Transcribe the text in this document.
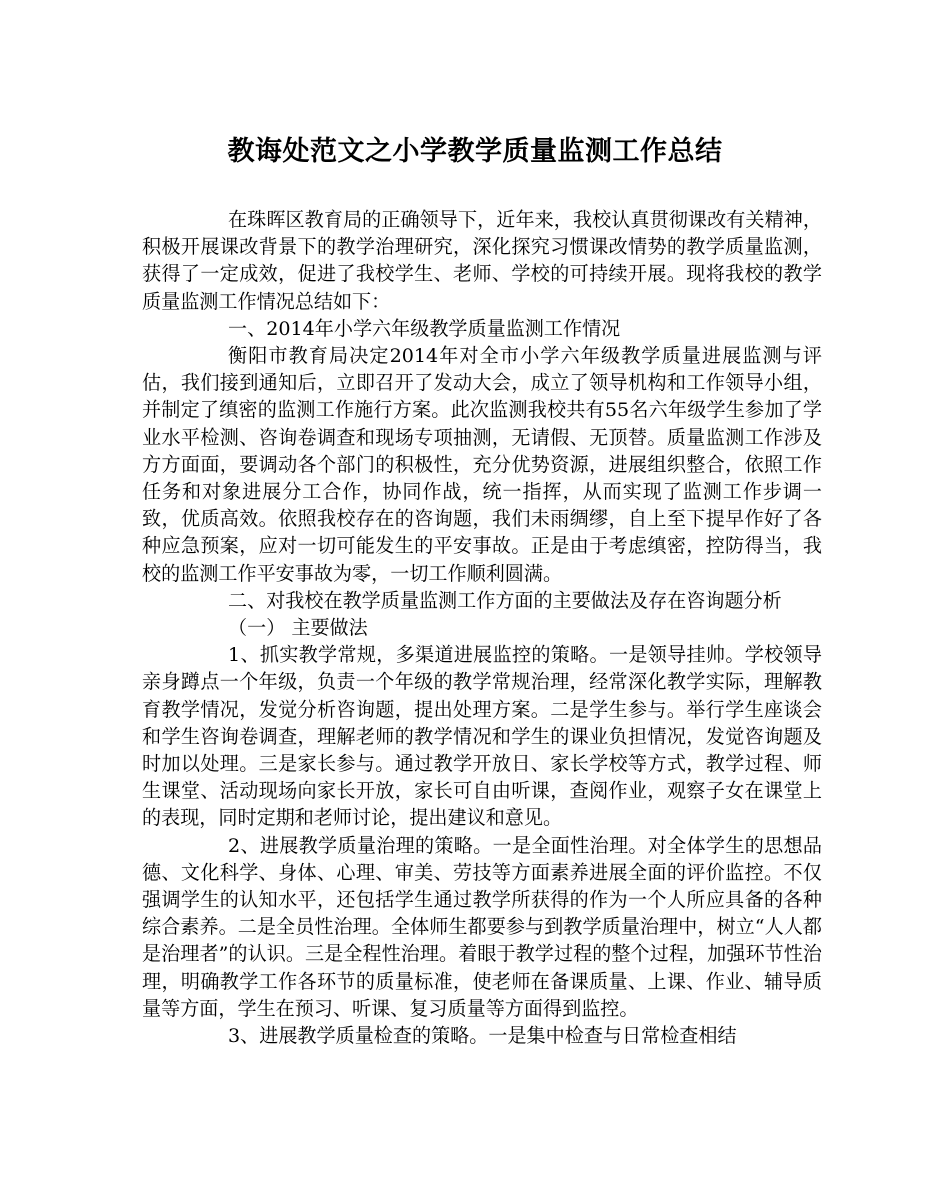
教诲处范文之小学教学质量监测工作总结

在珠晖区教育局的正确领导下，近年来，我校认真贯彻课改有关精神，积极开展课改背景下的教学治理研究，深化探究习惯课改情势的教学质量监测，获得了一定成效，促进了我校学生、老师、学校的可持续开展。现将我校的教学质量监测工作情况总结如下：

一、2014年小学六年级教学质量监测工作情况

衡阳市教育局决定2014年对全市小学六年级教学质量进展监测与评估，我们接到通知后，立即召开了发动大会，成立了领导机构和工作领导小组，并制定了缜密的监测工作施行方案。此次监测我校共有55名六年级学生参加了学业水平检测、咨询卷调查和现场专项抽测，无请假、无顶替。质量监测工作涉及方方面面，要调动各个部门的积极性，充分优势资源，进展组织整合，依照工作任务和对象进展分工合作，协同作战，统一指挥，从而实现了监测工作步调一致，优质高效。依照我校存在的咨询题，我们未雨绸缪，自上至下提早作好了各种应急预案，应对一切可能发生的平安事故。正是由于考虑缜密，控防得当，我校的监测工作平安事故为零，一切工作顺利圆满。

二、对我校在教学质量监测工作方面的主要做法及存在咨询题分析

（一） 主要做法

1、抓实教学常规，多渠道进展监控的策略。一是领导挂帅。学校领导亲身蹲点一个年级，负责一个年级的教学常规治理，经常深化教学实际，理解教育教学情况，发觉分析咨询题，提出处理方案。二是学生参与。举行学生座谈会和学生咨询卷调查，理解老师的教学情况和学生的课业负担情况，发觉咨询题及时加以处理。三是家长参与。通过教学开放日、家长学校等方式，教学过程、师生课堂、活动现场向家长开放，家长可自由听课，查阅作业，观察子女在课堂上的表现，同时定期和老师讨论，提出建议和意见。

2、进展教学质量治理的策略。一是全面性治理。对全体学生的思想品德、文化科学、身体、心理、审美、劳技等方面素养进展全面的评价监控。不仅强调学生的认知水平，还包括学生通过教学所获得的作为一个人所应具备的各种综合素养。二是全员性治理。全体师生都要参与到教学质量治理中，树立“人人都是治理者”的认识。三是全程性治理。着眼于教学过程的整个过程，加强环节性治理，明确教学工作各环节的质量标准，使老师在备课质量、上课、作业、辅导质量等方面，学生在预习、听课、复习质量等方面得到监控。

3、进展教学质量检查的策略。一是集中检查与日常检查相结
